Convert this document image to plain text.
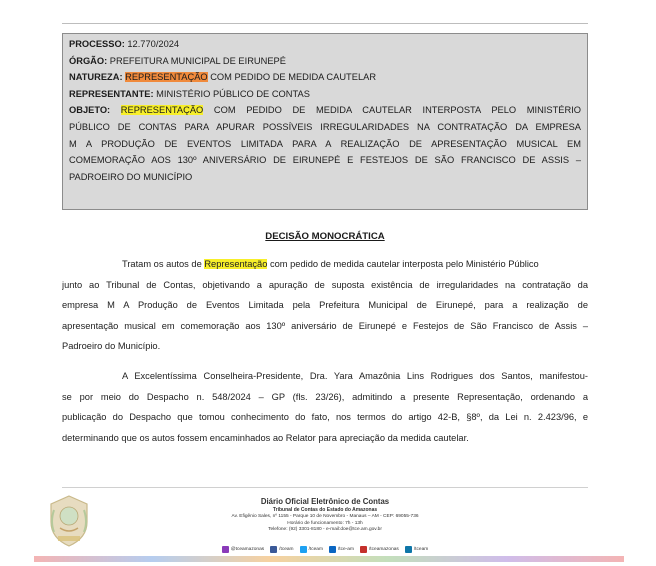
PROCESSO: 12.770/2024
ÓRGÃO: PREFEITURA MUNICIPAL DE EIRUNEPÉ
NATUREZA: REPRESENTAÇÃO COM PEDIDO DE MEDIDA CAUTELAR
REPRESENTANTE: MINISTÉRIO PÚBLICO DE CONTAS
OBJETO: REPRESENTAÇÃO COM PEDIDO DE MEDIDA CAUTELAR INTERPOSTA PELO MINISTÉRIO
PÚBLICO DE CONTAS PARA APURAR POSSÍVEIS IRREGULARIDADES NA CONTRATAÇÃO DA EMPRESA
M A PRODUÇÃO DE EVENTOS LIMITADA PARA A REALIZAÇÃO DE APRESENTAÇÃO MUSICAL EM
COMEMORAÇÃO AOS 130º ANIVERSÁRIO DE EIRUNEPÉ E FESTEJOS DE SÃO FRANCISCO DE ASSIS –
PADROEIRO DO MUNICÍPIO
DECISÃO MONOCRÁTICA
Tratam os autos de Representação com pedido de medida cautelar interposta pelo Ministério Público
junto ao Tribunal de Contas, objetivando a apuração de suposta existência de irregularidades na contratação da
empresa M A Produção de Eventos Limitada pela Prefeitura Municipal de Eirunepé, para a realização de
apresentação musical em comemoração aos 130º aniversário de Eirunepé e Festejos de São Francisco de Assis –
Padroeiro do Município.
A Excelentíssima Conselheira-Presidente, Dra. Yara Amazônia Lins Rodrigues dos Santos, manifestou-
se por meio do Despacho n. 548/2024 – GP (fls. 23/26), admitindo a presente Representação, ordenando a
publicação do Despacho que tomou conhecimento do fato, nos termos do artigo 42-B, §8º, da Lei n. 2.423/96, e
determinando que os autos fossem encaminhados ao Relator para apreciação da medida cautelar.
Diário Oficial Eletrônico de Contas
Tribunal de Contas do Estado do Amazonas
Av. Efigênio Sales, nº 1155 - Parque 10 de Novembro - Manaus – AM - CEP: 69055-736
Horário de funcionamento: 7h - 13h
Telefone: (92) 3301-8180 - e-mail:doe@tce.am.gov.br
@tceamazonas	/tceam	/tceam	/tce-am	/tceamazonas	/tceam
